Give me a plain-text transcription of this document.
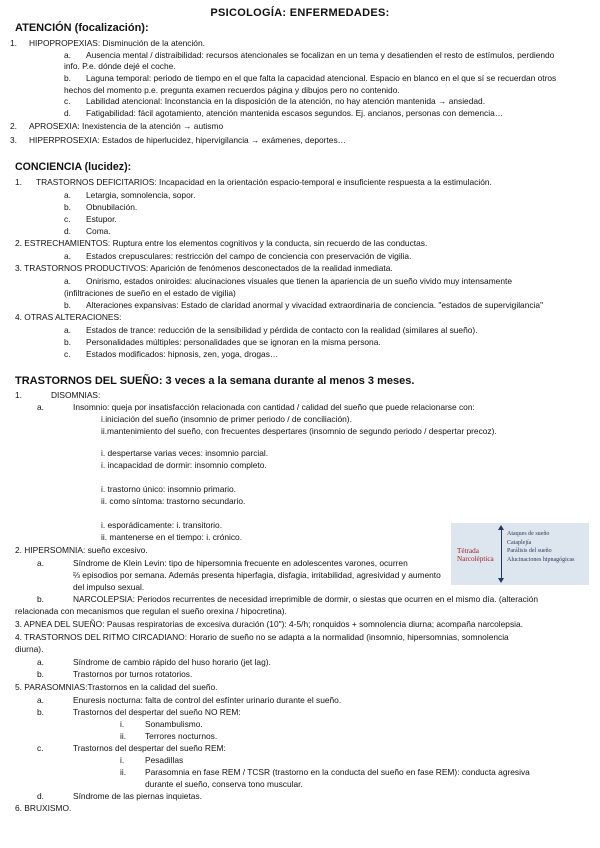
PSICOLOGÍA: ENFERMEDADES:
ATENCIÓN (focalización):
1. HIPOPROPEXIAS: Disminución de la atención.
a. Ausencia mental / distraibilidad: recursos atencionales se focalizan en un tema y desatienden el resto de estímulos, perdiendo
info. P.e. dónde dejé el coche.
b. Laguna temporal: periodo de tiempo en el que falta la capacidad atencional. Espacio en blanco en el que sí se recuerdan otros
hechos del momento p.e. pregunta examen recuerdos página y dibujos pero no contenido.
c. Labilidad atencional: Inconstancia en la disposición de la atención, no hay atención mantenida → ansiedad.
d. Fatigabilidad: fácil agotamiento, atención mantenida escasos segundos. Ej. ancianos, personas con demencia…
2. APROSEXIA: Inexistencia de la atención → autismo
3. HIPERPROSEXIA: Estados de hiperlucidez, hipervigilancia → exámenes, deportes…
CONCIENCIA (lucidez):
1. TRASTORNOS DEFICITARIOS: Incapacidad en la orientación espacio-temporal e insuficiente respuesta a la estimulación.
a. Letargia, somnolencia, sopor.
b. Obnubilación.
c. Estupor.
d. Coma.
2. ESTRECHAMIENTOS: Ruptura entre los elementos cognitivos y la conducta, sin recuerdo de las conductas.
a. Estados crepusculares: restricción del campo de conciencia con preservación de vigilia.
3. TRASTORNOS PRODUCTIVOS: Aparición de fenómenos desconectados de la realidad inmediata.
a. Onirismo, estados oniroides: alucinaciones visuales que tienen la apariencia de un sueño vivido muy intensamente
(infiltraciones de sueño en el estado de vigilia)
b. Alteraciones expansivas: Estado de claridad anormal y vivacidad extraordinaria de conciencia. "estados de supervigilancia"
4. OTRAS ALTERACIONES:
a. Estados de trance: reducción de la sensibilidad y pérdida de contacto con la realidad (similares al sueño).
b. Personalidades múltiples: personalidades que se ignoran en la misma persona.
c. Estados modificados: hipnosis, zen, yoga, drogas…
TRASTORNOS DEL SUEÑO: 3 veces a la semana durante al menos 3 meses.
1.	DISOMNIAS:
a.	Insomnio: queja por insatisfacción relacionada con cantidad / calidad del sueño que puede relacionarse con:
i.iniciación del sueño (insomnio de primer periodo / de conciliación).
ii.mantenimiento del sueño, con frecuentes despertares (insomnio de segundo periodo / despertar precoz).
i. despertarse varias veces: insomnio parcial.
i. incapacidad de dormir: insomnio completo.
i. trastorno único: insomnio primario.
ii. como síntoma: trastorno secundario.
i. esporádicamente: i. transitorio.
ii. mantenerse en el tiempo: i. crónico.
2. HIPERSOMNIA: sueño excesivo.
a.	Síndrome de Klein Levin: tipo de hipersomnia frecuente en adolescentes varones, ocurren
⅔ episodios por semana. Además presenta hiperfagia, disfagia, irritabilidad, agresividad y aumento
del impulso sexual.
b.	NARCOLEPSIA: Periodos recurrentes de necesidad irreprimible de dormir, o siestas que ocurren en el mismo día. (alteración
relacionada con mecanismos que regulan el sueño orexina / hipocretina).
3. APNEA DEL SUEÑO: Pausas respiratorias de excesiva duración (10"): 4-5/h; ronquidos + somnolencia diurna; acompaña narcolepsia.
4. TRASTORNOS DEL RITMO CIRCADIANO: Horario de sueño no se adapta a la normalidad (insomnio, hipersomnias, somnolencia
diurna).
a.	Síndrome de cambio rápido del huso horario (jet lag).
b.	Trastornos por turnos rotatorios.
5. PARASOMNIAS:Trastornos en la calidad del sueño.
a.	Enuresis nocturna: falta de control del esfínter urinario durante el sueño.
b.	Trastornos del despertar del sueño NO REM:
i. Sonambulismo.
ii. Terrores nocturnos.
c.	Trastornos del despertar del sueño REM:
i. Pesadillas
ii. Parasomnia en fase REM / TCSR (trastorno en la conducta del sueño en fase REM): conducta agresiva
durante el sueño, conserva tono muscular.
d.	Síndrome de las piernas inquietas.
6. BRUXISMO.
Tétrada
Narcoléptica
Ataques de sueño
Cataplejía
Parálisis del sueño
Alucinaciones hipnagógicas
